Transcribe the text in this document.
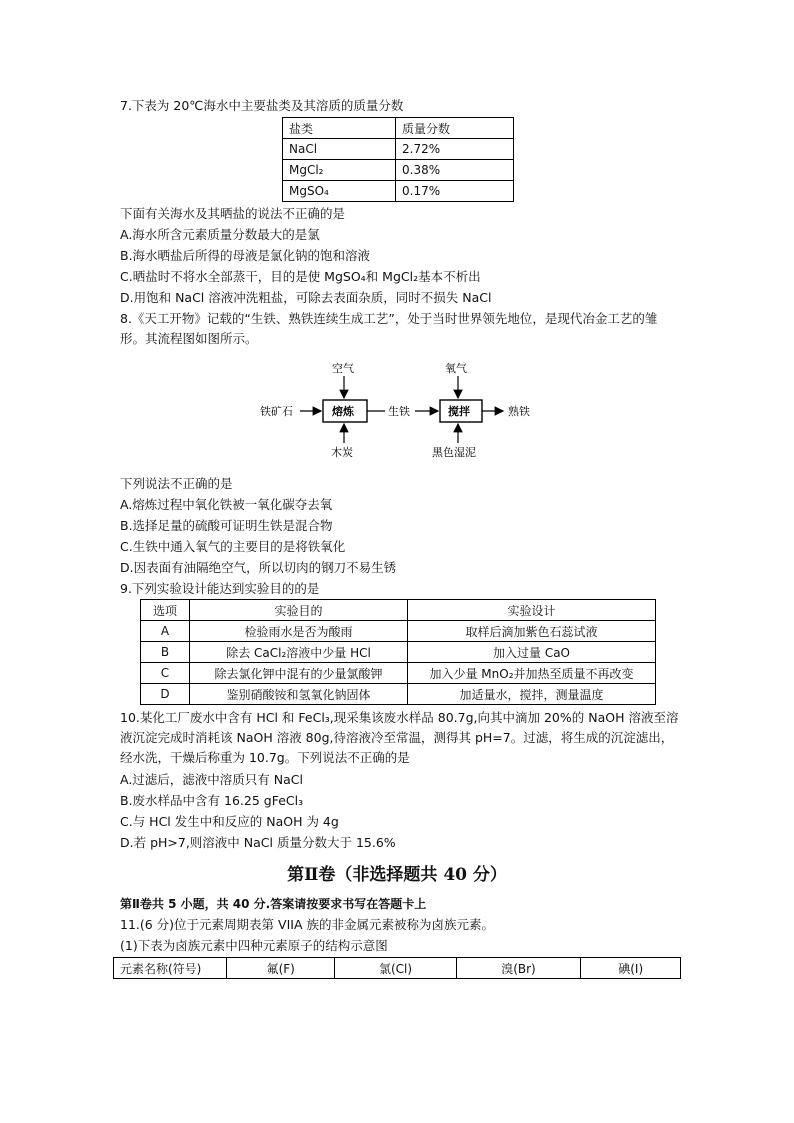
7.下表为 20℃海水中主要盐类及其溶质的质量分数
盐类	质量分数
NaCl	2.72%
MgCl₂	0.38%
MgSO₄	0.17%
下面有关海水及其晒盐的说法不正确的是
A.海水所含元素质量分数最大的是氯
B.海水晒盐后所得的母液是氯化钠的饱和溶液
C.晒盐时不将水全部蒸干，目的是使 MgSO₄和 MgCl₂基本不析出
D.用饱和 NaCl 溶液冲洗粗盐，可除去表面杂质，同时不损失 NaCl
8.《天工开物》记载的“生铁、熟铁连续生成工艺”，处于当时世界领先地位，是现代冶金工艺的雏形。其流程图如图所示。
空气
铁矿石	熔炼
木炭
生铁
氧气
搅拌	熟铁
黑色湿泥
下列说法不正确的是
A.熔炼过程中氧化铁被一氧化碳夺去氧
B.选择足量的硫酸可证明生铁是混合物
C.生铁中通入氧气的主要目的是将铁氧化
D.因表面有油隔绝空气，所以切肉的钢刀不易生锈
9.下列实验设计能达到实验目的的是
选项	实验目的	实验设计
A	检验雨水是否为酸雨	取样后滴加紫色石蕊试液
B	除去 CaCl₂溶液中少量 HCl	加入过量 CaO
C	除去氯化钾中混有的少量氯酸钾	加入少量 MnO₂并加热至质量不再改变
D	鉴别硝酸铵和氢氧化钠固体	加适量水，搅拌，测量温度
10.某化工厂废水中含有 HCl 和 FeCl₃,现采集该废水样品 80.7g,向其中滴加 20%的 NaOH 溶液至溶液沉淀完成时消耗该 NaOH 溶液 80g,待溶液冷至常温，测得其 pH=7。过滤，将生成的沉淀滤出，经水洗，干燥后称重为 10.7g。下列说法不正确的是
A.过滤后，滤液中溶质只有 NaCl
B.废水样品中含有 16.25 gFeCl₃
C.与 HCl 发生中和反应的 NaOH 为 4g
D.若 pH>7,则溶液中 NaCl 质量分数大于 15.6%
第Ⅱ卷（非选择题共 40 分）
第Ⅱ卷共 5 小题，共 40 分.答案请按要求书写在答题卡上
11.(6 分)位于元素周期表第 VIIA 族的非金属元素被称为卤族元素。
(1)下表为卤族元素中四种元素原子的结构示意图
元素名称(符号)	氟(F)	氯(Cl)	溴(Br)	碘(I)
